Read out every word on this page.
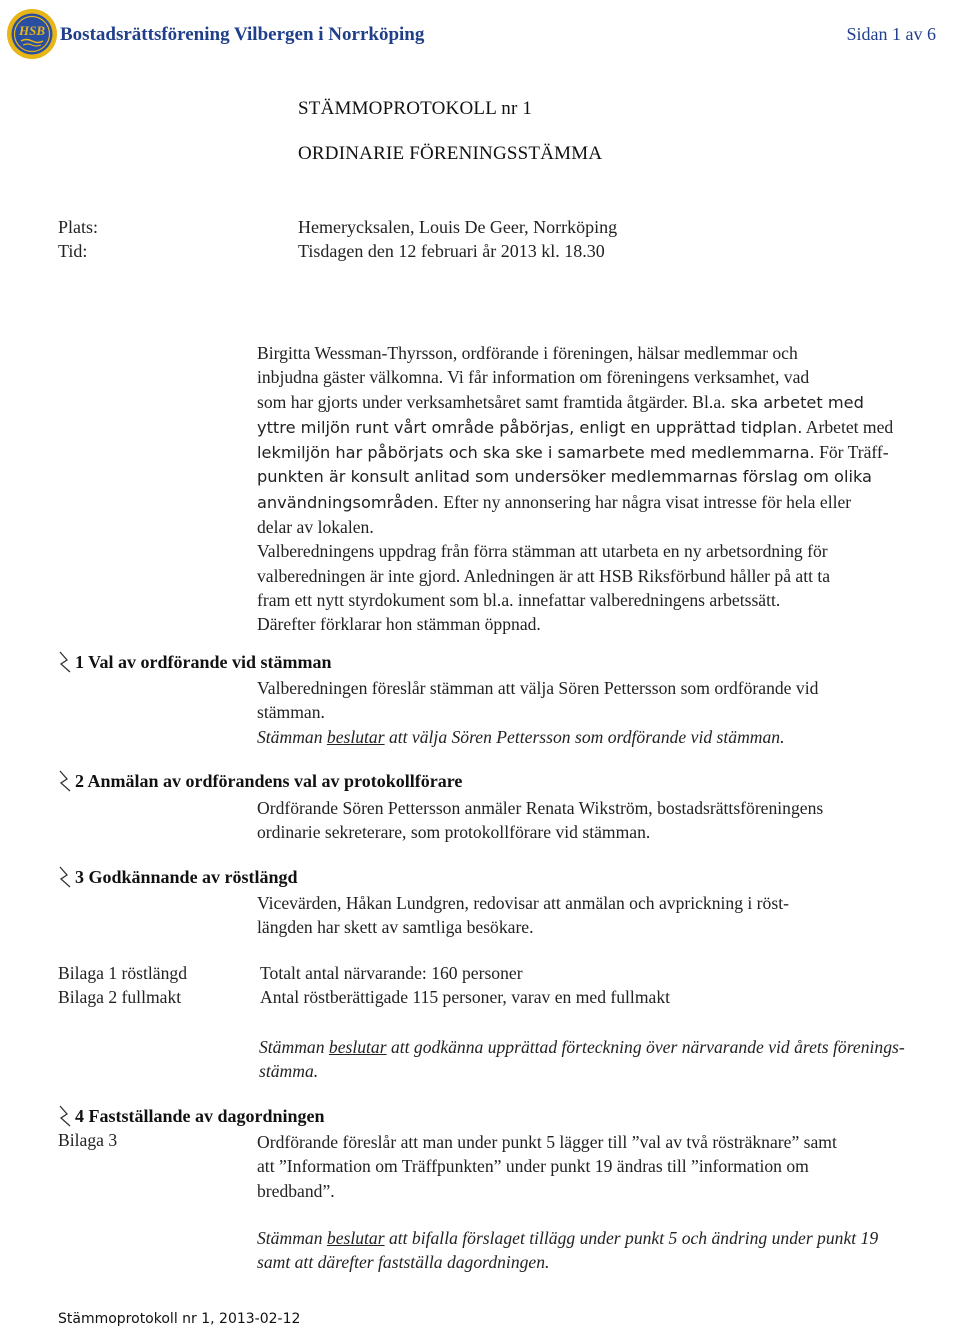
HSB Bostadsrättsförening Vilbergen i Norrköping	Sidan 1 av 6
STÄMMOPROTOKOLL nr 1
ORDINARIE FÖRENINGSSTÄMMA
Plats:	Hemerycksalen, Louis De Geer, Norrköping
Tid:	Tisdagen den 12 februari år 2013 kl. 18.30

Birgitta Wessman-Thyrsson, ordförande i föreningen, hälsar medlemmar och

inbjudna gäster välkomna. Vi får information om föreningens verksamhet, vad

som har gjorts under verksamhetsåret samt framtida åtgärder. Bl.a. ska arbetet med

yttre miljön runt vårt område påbörjas, enligt en upprättad tidplan. Arbetet med

lekmiljön har påbörjats och ska ske i samarbete med medlemmarna. För Träff-

punkten är konsult anlitad som undersöker medlemmarnas förslag om olika

användningsområden. Efter ny annonsering har några visat intresse för hela eller

delar av lokalen.

Valberedningens uppdrag från förra stämman att utarbeta en ny arbetsordning för

valberedningen är inte gjord. Anledningen är att HSB Riksförbund håller på att ta

fram ett nytt styrdokument som bl.a. innefattar valberedningens arbetssätt.

Därefter förklarar hon stämman öppnad.

1 Val av ordförande vid stämman
Valberedningen föreslår stämman att välja Sören Pettersson som ordförande vid
stämman.
Stämman beslutar att välja Sören Pettersson som ordförande vid stämman.
2 Anmälan av ordförandens val av protokollförare
Ordförande Sören Pettersson anmäler Renata Wikström, bostadsrättsföreningens
ordinarie sekreterare, som protokollförare vid stämman.
3 Godkännande av röstlängd
Vicevärden, Håkan Lundgren, redovisar att anmälan och avprickning i röst-
längden har skett av samtliga besökare.
Bilaga 1 röstlängd	Totalt antal närvarande: 160 personer
Bilaga 2 fullmakt	Antal röstberättigade 115 personer, varav en med fullmakt
Stämman beslutar att godkänna upprättad förteckning över närvarande vid årets förenings-
stämma.
4 Fastställande av dagordningen
Bilaga 3	Ordförande föreslår att man under punkt 5 lägger till ”val av två rösträknare” samt
att ”Information om Träffpunkten” under punkt 19 ändras till ”information om
bredband”.
Stämman beslutar att bifalla förslaget tillägg under punkt 5 och ändring under punkt 19
samt att därefter fastställa dagordningen.
Stämmoprotokoll nr 1, 2013-02-12
